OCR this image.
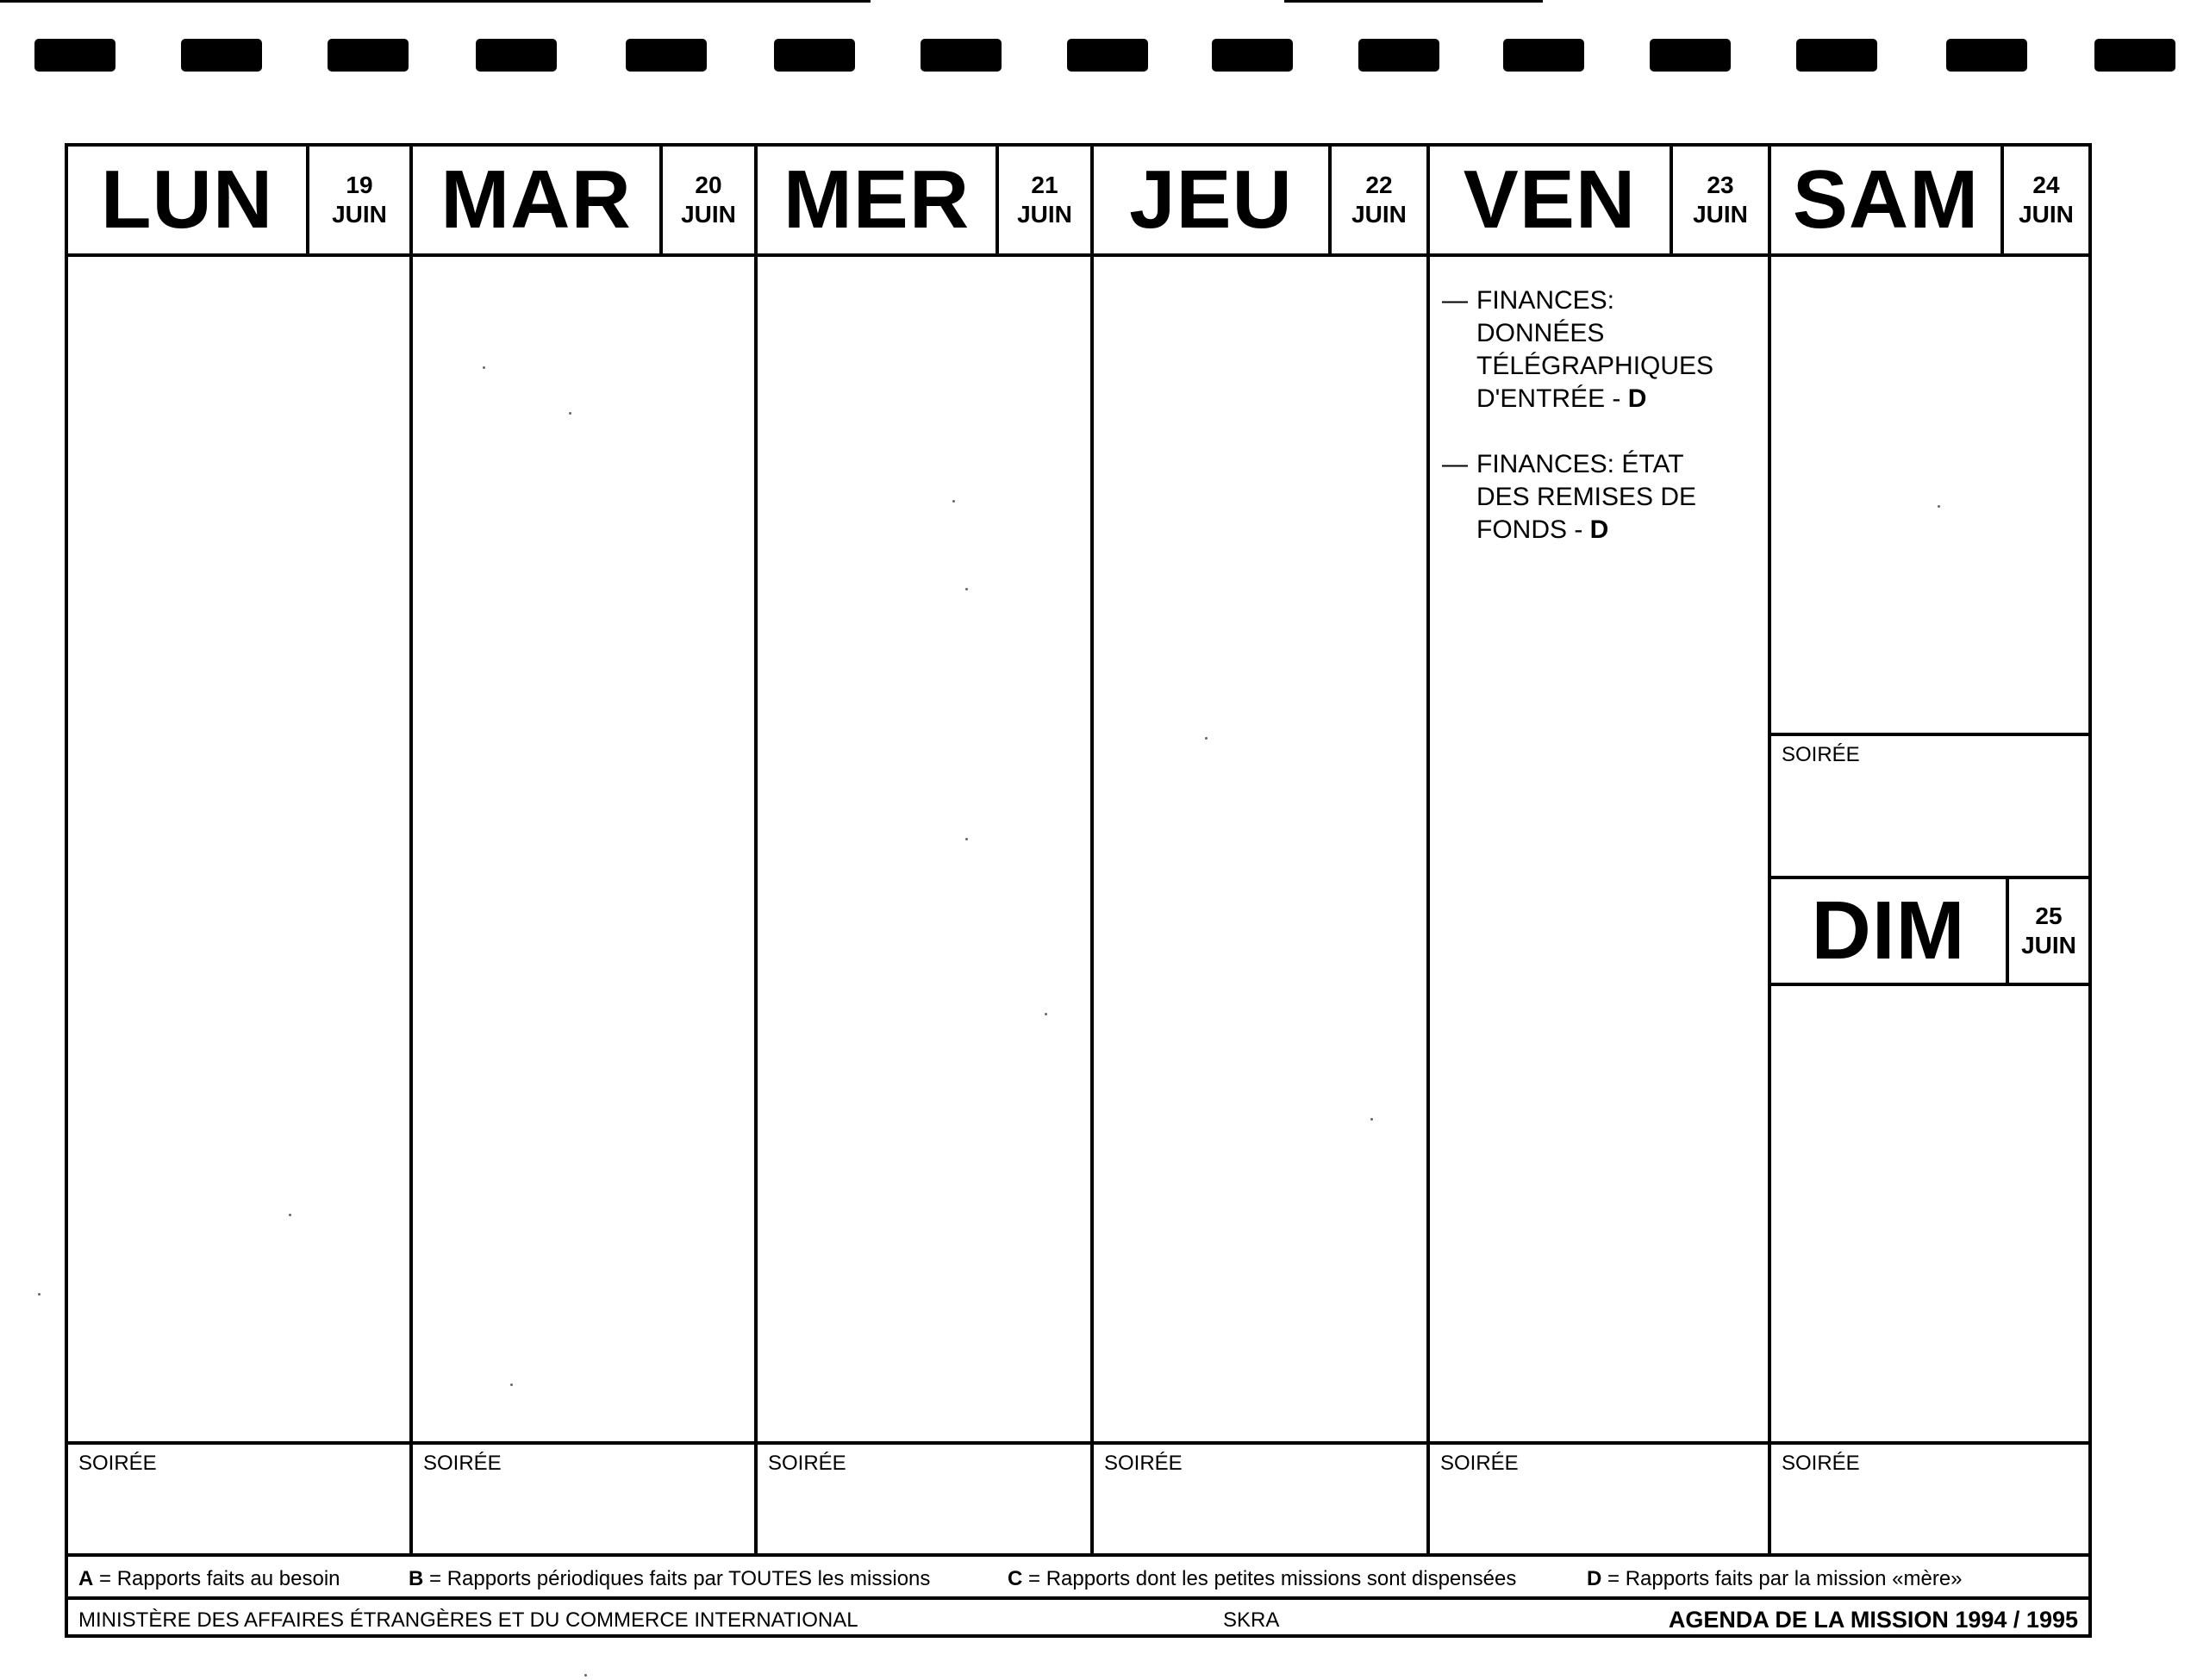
LUN	19
JUIN
SOIRÉE
MAR	20
JUIN
SOIRÉE
MER	21
JUIN
SOIRÉE
JEU	22
JUIN
SOIRÉE
VEN	23
JUIN
— FINANCES: DONNÉES TÉLÉGRAPHIQUES D'ENTRÉE - D
— FINANCES: ÉTAT DES REMISES DE FONDS - D
SOIRÉE
SAM	24
JUIN
SOIRÉE
DIM	25
JUIN
SOIRÉE
A = Rapports faits au besoin	B = Rapports périodiques faits par TOUTES les missions	C = Rapports dont les petites missions sont dispensées	D = Rapports faits par la mission «mère»
MINISTÈRE DES AFFAIRES ÉTRANGÈRES ET DU COMMERCE INTERNATIONAL	SKRA	AGENDA DE LA MISSION 1994 / 1995
